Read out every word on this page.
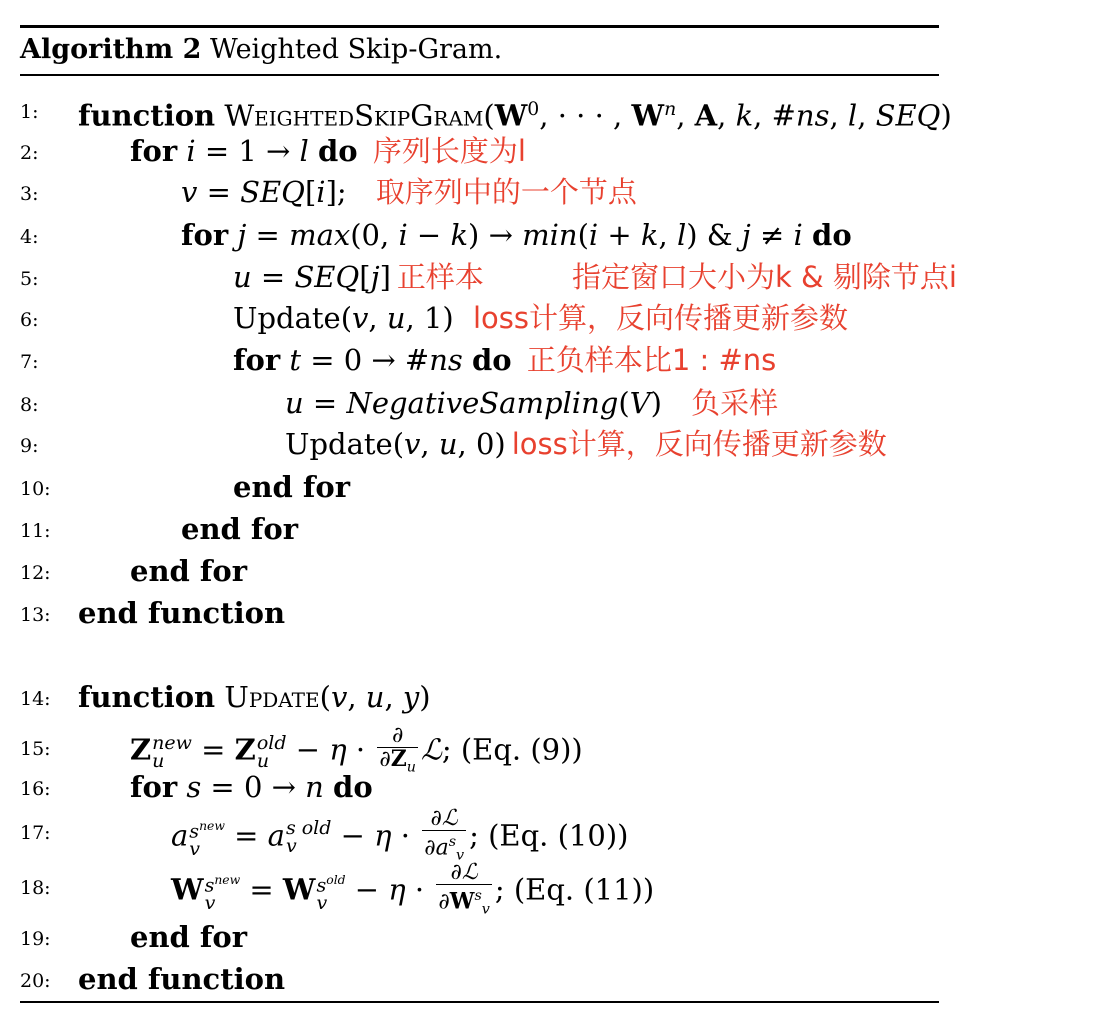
Algorithm 2 Weighted Skip-Gram.
1:	function $WeightedSkipGram(W^0$, · · · , $W^n$, A, k, #ns, l, SEQ)
2:	for i = 1 → l do 序列长度为l
3:	v = SEQ[i]; 取序列中的一个节点
4:	for j = max(0, i − k) → min(i + k, l) & j ≠ i do
5:	u = SEQ[j] 正样本	指定窗口大小为k & 剔除节点i
6:	Update(v, u, 1) loss计算，反向传播更新参数
7:	for t = 0 → #ns do 正负样本比1 : #ns
8:	u = NegativeSampling(V) 负采样
9:	Update(v, u, 0) loss计算，反向传播更新参数
10:	end for
11:	end for
12:	end for
13: end function
14: function Update(v, u, y)
15:	Z new
u = Z old
$u - \eta \cdot \frac{\partial}{\partial Z_u}$ ℒ; (Eq. (9))
16:	for s = 0 → n do
17:	a $s^{new}$
v = a s old
v	− $\eta \cdot \frac{\text{∂ℒ}}{\partial a^s_v}$ ; (Eq. (10))
18:	W $s^{new}$
v = W $s^{old}$
$v - \eta \cdot \frac{\text{∂ℒ}}{\partial W^s_v}$ ; (Eq. (11))
19:	end for
20: end function
